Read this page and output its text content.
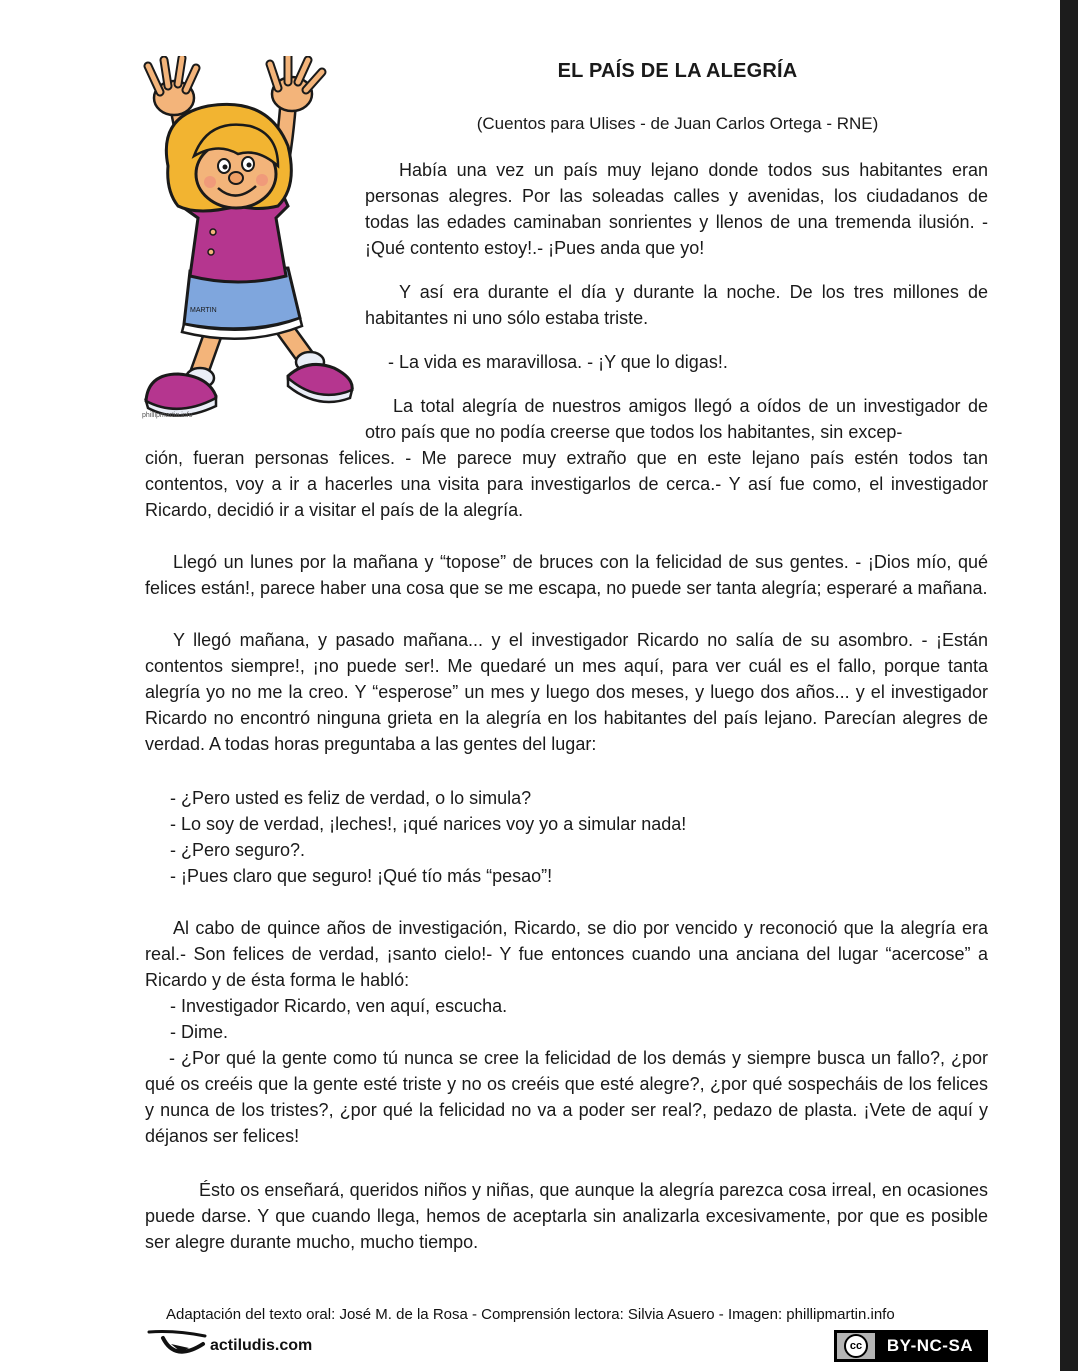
MARTIN
phillipmartin.info
EL PAÍS DE LA ALEGRÍA
(Cuentos para Ulises - de Juan Carlos Ortega - RNE)

Había una vez un país muy lejano donde todos sus habitantes eran personas alegres. Por las soleadas calles y avenidas, los ciudadanos de todas las edades caminaban sonrientes y llenos de una tremenda ilusión. - ¡Qué contento estoy!.- ¡Pues anda que yo!

Y así era durante el día y durante la noche. De los tres millones de habitantes ni uno sólo estaba triste.

- La vida es maravillosa. - ¡Y que lo digas!.

La total alegría de nuestros amigos llegó a oídos de un investigador de otro país que no podía creerse que todos los habitantes, sin excep-

ción, fueran personas felices. - Me parece muy extraño que en este lejano país estén todos tan contentos, voy a ir a hacerles una visita para investigarlos de cerca.- Y así fue como, el investigador Ricardo, decidió ir a visitar el país de la alegría.

Llegó un lunes por la mañana y “topose” de bruces con la felicidad de sus gentes. - ¡Dios mío, qué felices están!, parece haber una cosa que se me escapa, no puede ser tanta alegría; esperaré a mañana.

Y llegó mañana, y pasado mañana... y el investigador Ricardo no salía de su asombro. - ¡Están contentos siempre!, ¡no puede ser!. Me quedaré un mes aquí, para ver cuál es el fallo, porque tanta alegría yo no me la creo. Y “esperose” un mes y luego dos meses, y luego dos años... y el investigador Ricardo no encontró ninguna grieta en la alegría en los habitantes del país lejano. Parecían alegres de verdad. A todas horas preguntaba a las gentes del lugar:

- ¿Pero usted es feliz de verdad, o lo simula?

- Lo soy de verdad, ¡leches!, ¡qué narices voy yo a simular nada!

- ¿Pero seguro?.

- ¡Pues claro que seguro! ¡Qué tío más “pesao”!

Al cabo de quince años de investigación, Ricardo, se dio por vencido y reconoció que la alegría era real.- Son felices de verdad, ¡santo cielo!- Y fue entonces cuando una anciana del lugar “acercose” a Ricardo y de ésta forma le habló:

- Investigador Ricardo, ven aquí, escucha.

- Dime.

- ¿Por qué la gente como tú nunca se cree la felicidad de los demás y siempre busca un fallo?, ¿por qué os creéis que la gente esté triste y no os creéis que esté alegre?, ¿por qué sospecháis de los felices y nunca de los tristes?, ¿por qué la felicidad no va a poder ser real?, pedazo de plasta. ¡Vete de aquí y déjanos ser felices!

Ésto os enseñará, queridos niños y niñas, que aunque la alegría parezca cosa irreal, en ocasiones puede darse. Y que cuando llega, hemos de aceptarla sin analizarla excesivamente, por que es posible ser alegre durante mucho, mucho tiempo.

Adaptación del texto oral: José M. de la Rosa - Comprensión lectora: Silvia Asuero - Imagen: phillipmartin.info
actiludis.com	cc	BY-NC-SA
